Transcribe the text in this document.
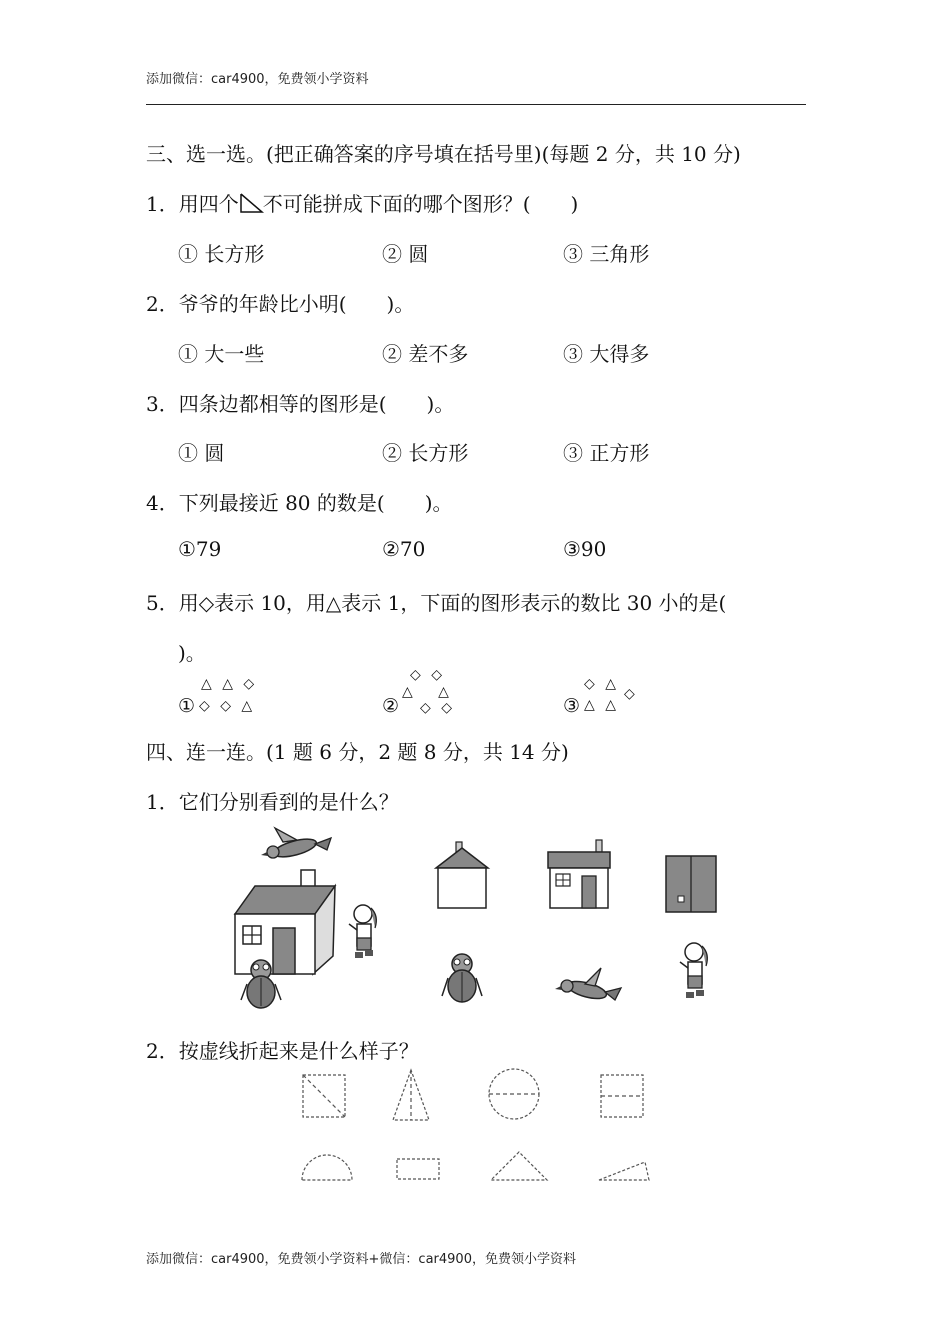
添加微信：car4900，免费领小学资料
三、选一选。(把正确答案的序号填在括号里)(每题 2 分，共 10 分)
1．用四个 不可能拼成下面的哪个图形？(　　)
① 长方形	② 圆	③ 三角形
2．爷爷的年龄比小明(　　)。
① 大一些	② 差不多	③ 大得多
3．四条边都相等的图形是(　　)。
① 圆	② 长方形	③ 正方形
4．下列最接近 80 的数是(　　)。
①79	②70	③90
5．用◇表示 10，用△表示 1，下面的图形表示的数比 30 小的是(
)。
①
△ △ ◇
◇ ◇ △	②
◇ ◇
△   △
◇ ◇	③
◇ △
◇
△ △
四、连一连。(1 题 6 分，2 题 8 分，共 14 分)
1．它们分别看到的是什么？
2．按虚线折起来是什么样子？
添加微信：car4900，免费领小学资料+微信：car4900，免费领小学资料
